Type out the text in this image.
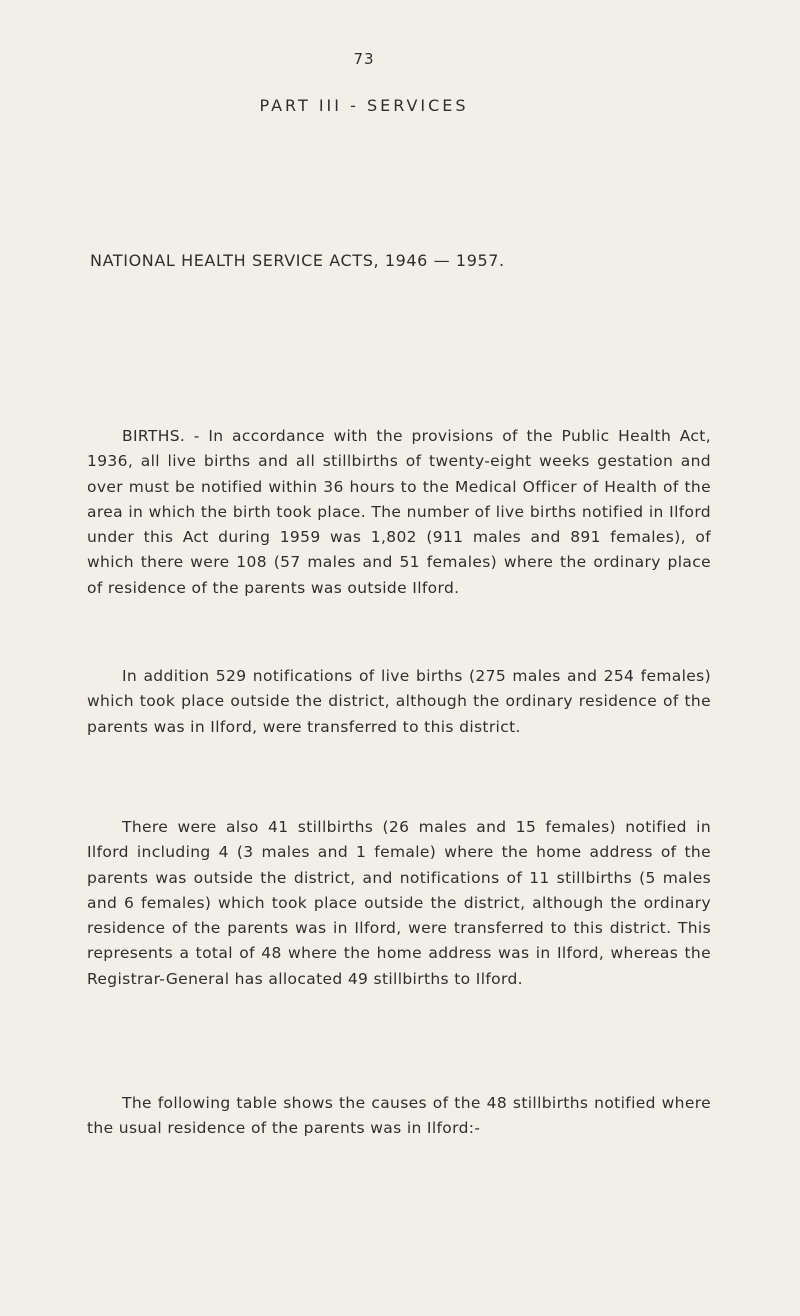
73
PART III - SERVICES
NATIONAL HEALTH SERVICE ACTS, 1946 — 1957.

BIRTHS. - In accordance with the provisions of the Public Health Act, 1936, all live births and all stillbirths of twenty-eight weeks gestation and over must be notified within 36 hours to the Medical Officer of Health of the area in which the birth took place. The number of live births notified in Ilford under this Act during 1959 was 1,802 (911 males and 891 females), of which there were 108 (57 males and 51 females) where the ordinary place of residence of the parents was outside Ilford.

In addition 529 notifications of live births (275 males and 254 females) which took place outside the district, although the ordinary residence of the parents was in Ilford, were transferred to this district.

There were also 41 stillbirths (26 males and 15 females) notified in Ilford including 4 (3 males and 1 female) where the home address of the parents was outside the district, and notifications of 11 stillbirths (5 males and 6 females) which took place outside the district, although the ordinary residence of the parents was in Ilford, were transferred to this district. This represents a total of 48 where the home address was in Ilford, whereas the Registrar-General has allocated 49 stillbirths to Ilford.

The following table shows the causes of the 48 stillbirths notified where the usual residence of the parents was in Ilford:-
